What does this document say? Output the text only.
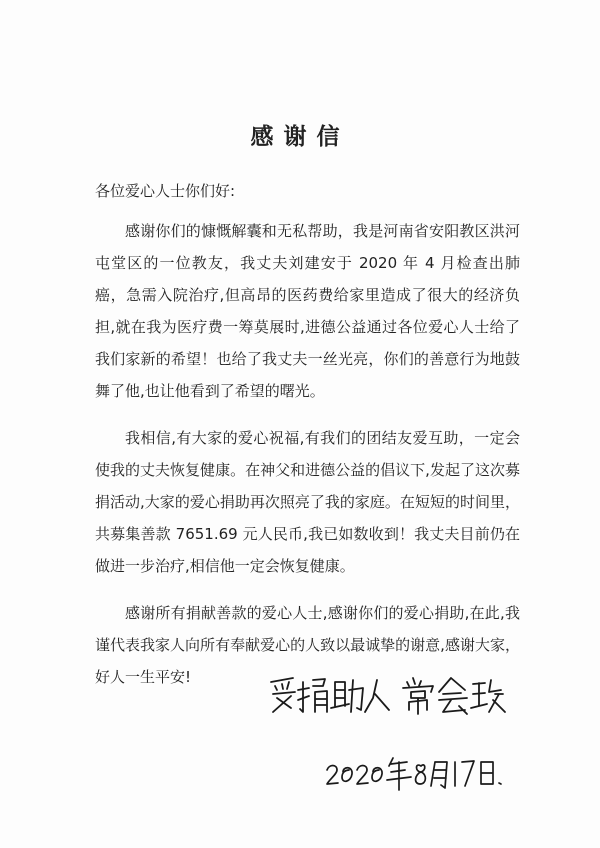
感谢信
各位爱心人士你们好:

感谢你们的慷慨解囊和无私帮助，我是河南省安阳教区洪河屯堂区的一位教友，我丈夫刘建安于 2020 年 4 月检查出肺癌，急需入院治疗,但高昂的医药费给家里造成了很大的经济负担,就在我为医疗费一筹莫展时,进德公益通过各位爱心人士给了我们家新的希望！也给了我丈夫一丝光亮，你们的善意行为地鼓舞了他,也让他看到了希望的曙光。

我相信,有大家的爱心祝福,有我们的团结友爱互助，一定会使我的丈夫恢复健康。在神父和进德公益的倡议下,发起了这次募捐活动,大家的爱心捐助再次照亮了我的家庭。在短短的时间里，共募集善款 7651.69 元人民币,我已如数收到！我丈夫目前仍在做进一步治疗,相信他一定会恢复健康。

感谢所有捐献善款的爱心人士,感谢你们的爱心捐助,在此,我谨代表我家人向所有奉献爱心的人致以最诚挚的谢意,感谢大家，好人一生平安!
